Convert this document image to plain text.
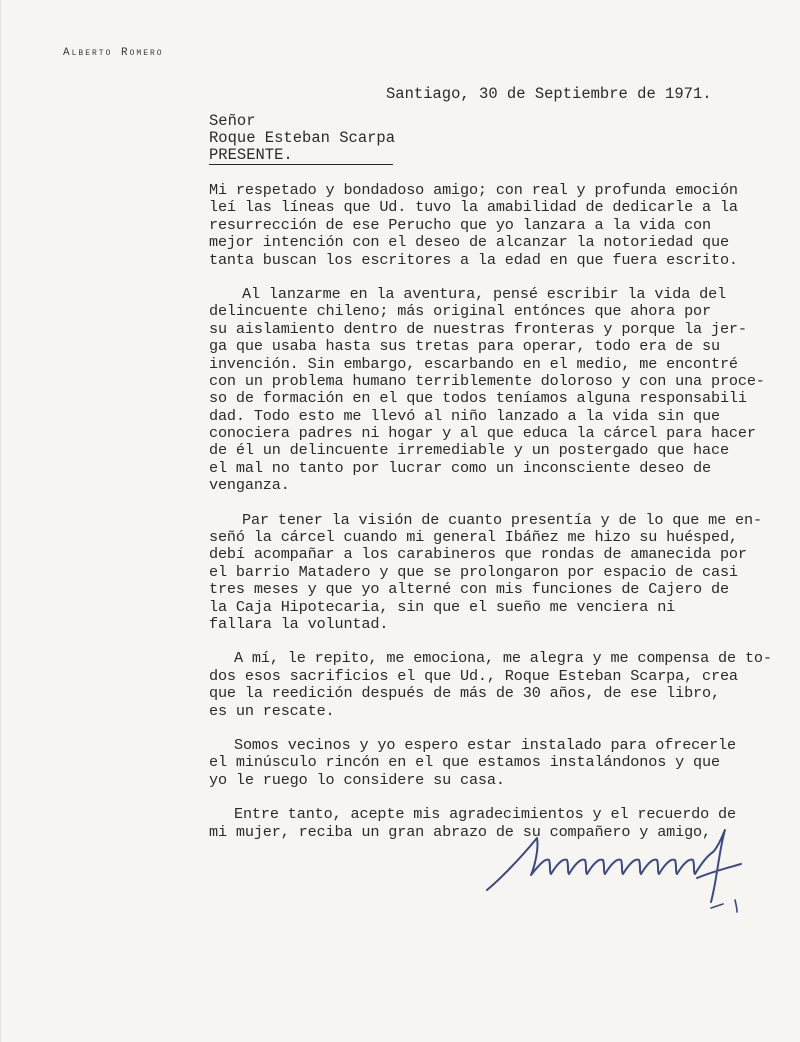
Alberto Romero
Santiago, 30 de Septiembre de 1971.
Señor
Roque Esteban Scarpa
PRESENTE.
Mi respetado y bondadoso amigo; con real y profunda emoción
leí las líneas que Ud. tuvo la amabilidad de dedicarle a la
resurrección de ese Perucho que yo lanzara a la vida con
mejor intención con el deseo de alcanzar la notoriedad que
tanta buscan los escritores a la edad en que fuera escrito.
Al lanzarme en la aventura, pensé escribir la vida del
delincuente chileno; más original entónces que ahora por
su aislamiento dentro de nuestras fronteras y porque la jer-
ga que usaba hasta sus tretas para operar, todo era de su
invención. Sin embargo, escarbando en el medio, me encontré
con un problema humano terriblemente doloroso y con una proce-
so de formación en el que todos teníamos alguna responsabili
dad. Todo esto me llevó al niño lanzado a la vida sin que
conociera padres ni hogar y al que educa la cárcel para hacer
de él un delincuente irremediable y un postergado que hace
el mal no tanto por lucrar como un inconsciente deseo de
venganza.
Par tener la visión de cuanto presentía y de lo que me en-
señó la cárcel cuando mi general Ibáñez me hizo su huésped,
debí acompañar a los carabineros que rondas de amanecida por
el barrio Matadero y que se prolongaron por espacio de casi
tres meses y que yo alterné con mis funciones de Cajero de
la Caja Hipotecaria, sin que el sueño me venciera ni
fallara la voluntad.
A mí, le repito, me emociona, me alegra y me compensa de to-
dos esos sacrificios el que Ud., Roque Esteban Scarpa, crea
que la reedición después de más de 30 años, de ese libro,
es un rescate.
Somos vecinos y yo espero estar instalado para ofrecerle
el minúsculo rincón en el que estamos instalándonos y que
yo le ruego lo considere su casa.
Entre tanto, acepte mis agradecimientos y el recuerdo de
mi mujer, reciba un gran abrazo de su compañero y amigo,
